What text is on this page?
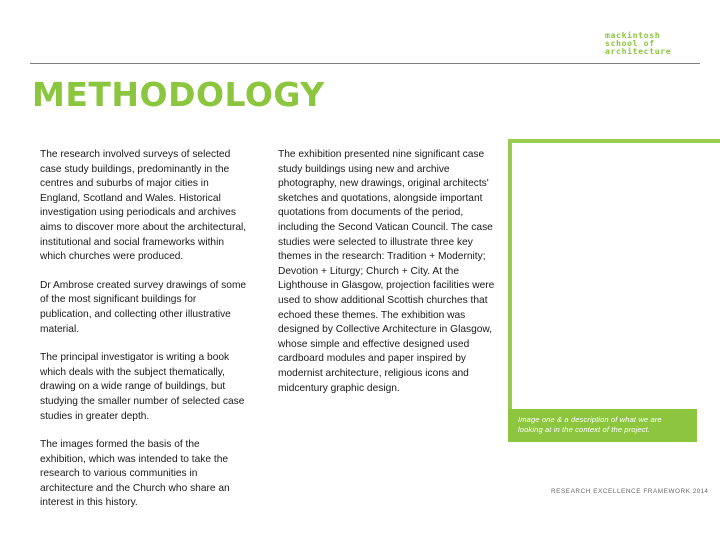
mackintosh
school of
architecture
METHODOLOGY

The research involved surveys of selected case study buildings, predominantly in the centres and suburbs of major cities in England, Scotland and Wales. Historical investigation using periodicals and archives aims to discover more about the architectural, institutional and social frameworks within which churches were produced.

Dr Ambrose created survey drawings of some of the most significant buildings for publication, and collecting other illustrative material.

The principal investigator is writing a book which deals with the subject thematically, drawing on a wide range of buildings, but studying the smaller number of selected case studies in greater depth.

The images formed the basis of the exhibition, which was intended to take the research to various communities in architecture and the Church who share an interest in this history.

The exhibition presented nine significant case study buildings using new and archive photography, new drawings, original architects' sketches and quotations, alongside important quotations from documents of the period, including the Second Vatican Council. The case studies were selected to illustrate three key themes in the research: Tradition + Modernity; Devotion + Liturgy; Church + City. At the Lighthouse in Glasgow, projection facilities were used to show additional Scottish churches that echoed these themes. The exhibition was designed by Collective Architecture in Glasgow, whose simple and effective designed used cardboard modules and paper inspired by modernist architecture, religious icons and midcentury graphic design.

Image one & a description of what we are looking at in the context of the project.
RESEARCH EXCELLENCE FRAMEWORK 2014
